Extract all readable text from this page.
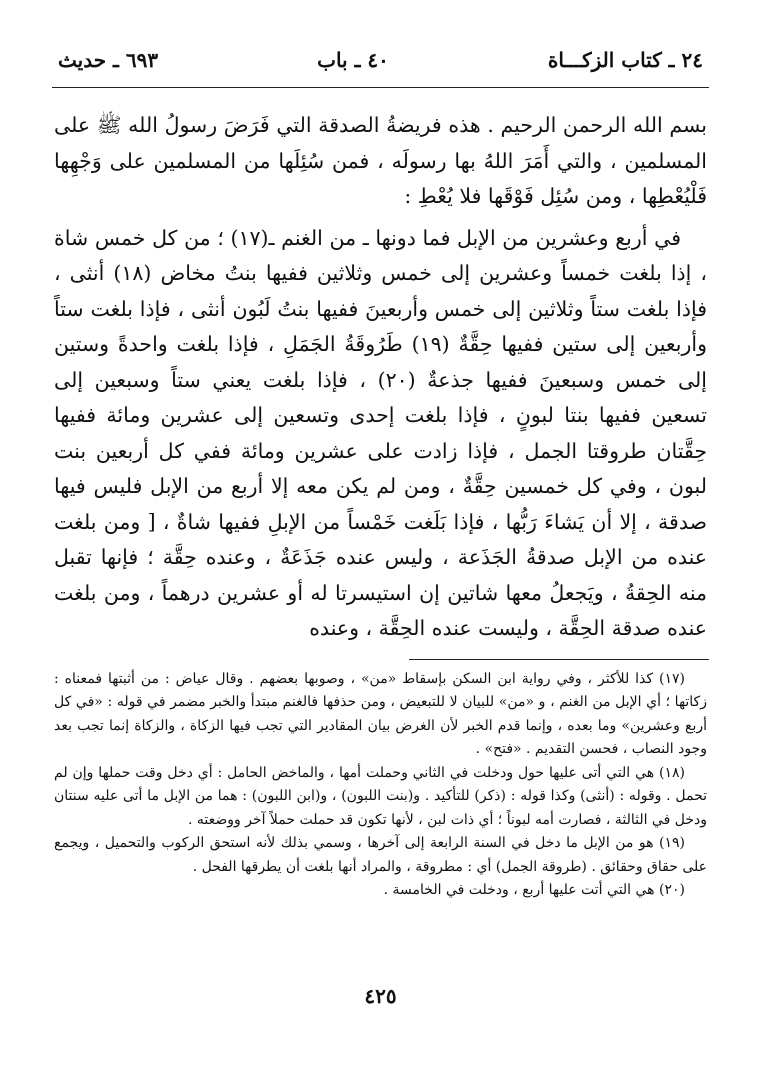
٢٤ ـ كتاب الزكـــاة
٤٠ ـ باب
٦٩٣ ـ حديث

بسم الله الرحمن الرحيم . هذه فريضةُ الصدقة التي فَرَضَ رسولُ الله ﷺ على المسلمين ، والتي أَمَرَ اللهُ بها رسولَه ، فمن سُئِلَها من المسلمين على وَجْهِها فَلْيُعْطِها ، ومن سُئِل فَوْقَها فلا يُعْطِ :

في أربع وعشرين من الإبل فما دونها ـ من الغنم ـ(١٧) ؛ من كل خمس شاة ، إذا بلغت خمساً وعشرين إلى خمس وثلاثين ففيها بنتُ مخاض (١٨) أنثى ، فإذا بلغت ستاً وثلاثين إلى خمس وأربعينَ ففيها بنتُ لَبُون أنثى ، فإذا بلغت ستاً وأربعين إلى ستين ففيها حِقَّةٌ (١٩) طَرُوقَةُ الجَمَلِ ، فإذا بلغت واحدةً وستين إلى خمس وسبعينَ ففيها جذعةٌ (٢٠) ، فإذا بلغت يعني ستاً وسبعين إلى تسعين ففيها بنتا لبونٍ ، فإذا بلغت إحدى وتسعين إلى عشرين ومائة ففيها حِقَّتان طروقتا الجمل ، فإذا زادت على عشرين ومائة ففي كل أربعين بنت لبون ، وفي كل خمسين حِقَّةٌ ، ومن لم يكن معه إلا أربع من الإبل فليس فيها صدقة ، إلا أن يَشاءَ رَبُّها ، فإذا بَلَغت خَمْساً من الإبلِ ففيها شاةٌ ، [ ومن بلغت عنده من الإبل صدقةُ الجَذَعة ، وليس عنده جَذَعَةٌ ، وعنده حِقَّة ؛ فإنها تقبل منه الحِقةُ ، ويَجعلُ معها شاتين إن استيسرتا له أو عشرين درهماً ، ومن بلغت عنده صدقة الحِقَّة ، وليست عنده الحِقَّة ، وعنده

(١٧) كذا للأكثر ، وفي رواية ابن السكن بإسقاط «من» ، وصوبها بعضهم . وقال عياض : من أثبتها فمعناه : زكاتها ؛ أي الإبل من الغنم ، و «من» للبيان لا للتبعيض ، ومن حذفها فالغنم مبتدأ والخبر مضمر في قوله : «في كل أربع وعشرين» وما بعده ، وإنما قدم الخبر لأن الغرض بيان المقادير التي تجب فيها الزكاة ، والزكاة إنما تجب بعد وجود النصاب ، فحسن التقديم . «فتح» .

(١٨) هي التي أتى عليها حول ودخلت في الثاني وحملت أمها ، والماخض الحامل : أي دخل وقت حملها وإن لم تحمل . وقوله : (أنثى) وكذا قوله : (ذكر) للتأكيد . و(بنت اللبون) ، و(ابن اللبون) : هما من الإبل ما أتى عليه سنتان ودخل في الثالثة ، فصارت أمه لبوناً ؛ أي ذات لبن ، لأنها تكون قد حملت حملاً آخر ووضعته .

(١٩) هو من الإبل ما دخل في السنة الرابعة إلى آخرها ، وسمي بذلك لأنه استحق الركوب والتحميل ، ويجمع على حقاق وحقائق . (طروقة الجمل) أي : مطروقة ، والمراد أنها بلغت أن يطرقها الفحل .

(٢٠) هي التي أتت عليها أربع ، ودخلت في الخامسة .

٤٢٥
